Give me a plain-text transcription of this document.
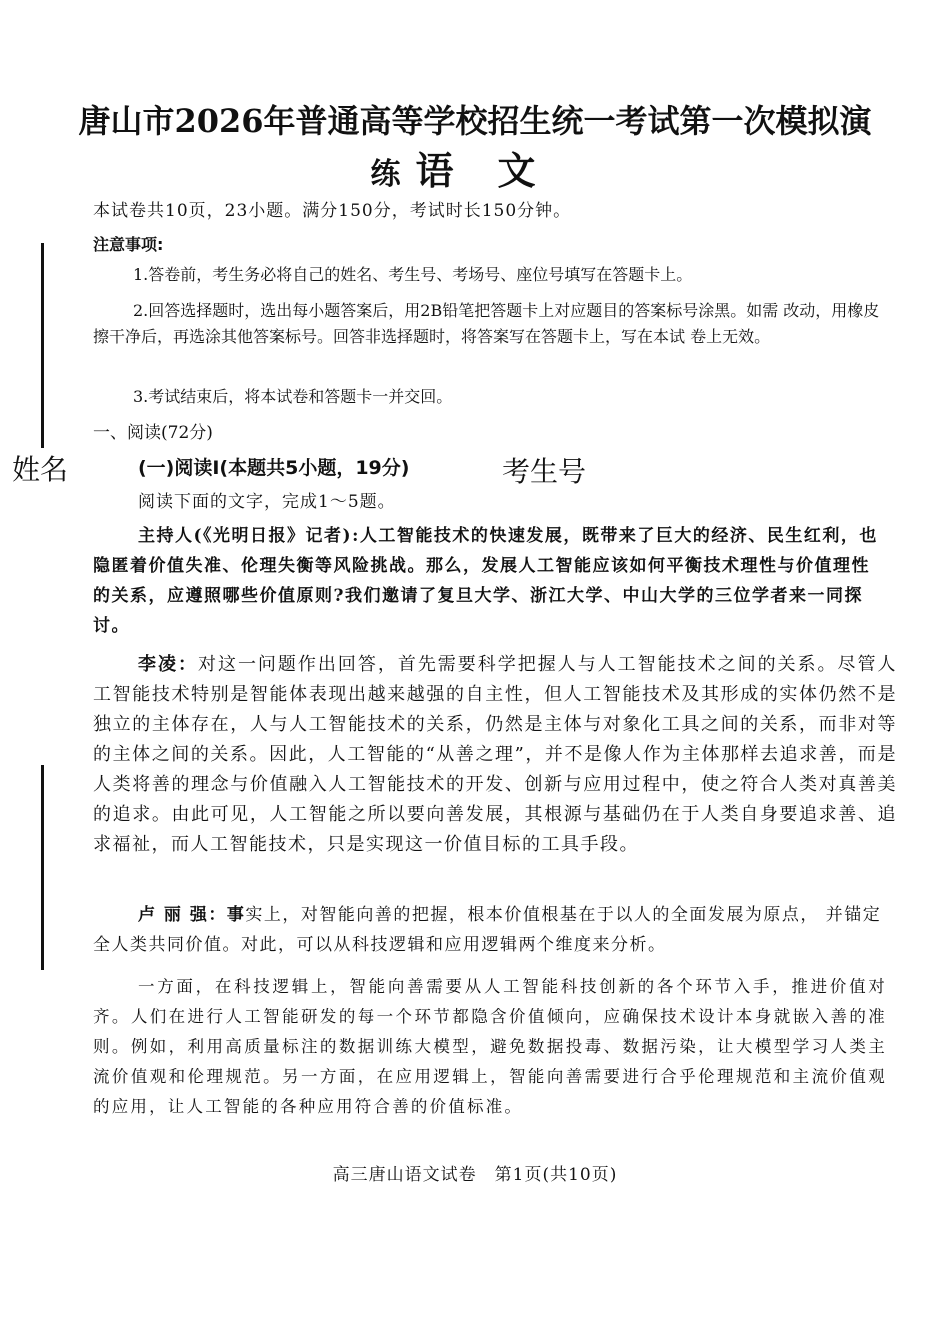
唐山市2026年普通高等学校招生统一考试第一次模拟演
练 语文
本试卷共10页，23小题。满分150分，考试时长150分钟。
注意事项:
1.答卷前，考生务必将自己的姓名、考生号、考场号、座位号填写在答题卡上。
2.回答选择题时，选出每小题答案后，用2B铅笔把答题卡上对应题目的答案标号涂黑。如需 改动，用橡皮擦干净后，再选涂其他答案标号。回答非选择题时，将答案写在答题卡上，写在本试 卷上无效。
3.考试结束后，将本试卷和答题卡一并交回。
一、阅读(72分)
姓名	考生号
(一)阅读Ⅰ(本题共5小题，19分)
阅读下面的文字，完成1～5题。
主持人(《光明日报》记者):人工智能技术的快速发展，既带来了巨大的经济、民生红利，也隐匿着价值失准、伦理失衡等风险挑战。那么，发展人工智能应该如何平衡技术理性与价值理性的关系，应遵照哪些价值原则?我们邀请了复旦大学、浙江大学、中山大学的三位学者来一同探讨。
李凌：对这一问题作出回答，首先需要科学把握人与人工智能技术之间的关系。尽管人工智能技术特别是智能体表现出越来越强的自主性，但人工智能技术及其形成的实体仍然不是独立的主体存在，人与人工智能技术的关系，仍然是主体与对象化工具之间的关系，而非对等的主体之间的关系。因此，人工智能的“从善之理”，并不是像人作为主体那样去追求善，而是人类将善的理念与价值融入人工智能技术的开发、创新与应用过程中，使之符合人类对真善美的追求。由此可见，人工智能之所以要向善发展，其根源与基础仍在于人类自身要追求善、追求福祉，而人工智能技术，只是实现这一价值目标的工具手段。
卢 丽 强：事实上，对智能向善的把握，根本价值根基在于以人的全面发展为原点， 并锚定全人类共同价值。对此，可以从科技逻辑和应用逻辑两个维度来分析。
一方面，在科技逻辑上，智能向善需要从人工智能科技创新的各个环节入手，推进价值对齐。人们在进行人工智能研发的每一个环节都隐含价值倾向，应确保技术设计本身就嵌入善的准则。例如，利用高质量标注的数据训练大模型，避免数据投毒、数据污染，让大模型学习人类主流价值观和伦理规范。另一方面，在应用逻辑上，智能向善需要进行合乎伦理规范和主流价值观的应用，让人工智能的各种应用符合善的价值标准。
高三唐山语文试卷　第1页(共10页)
